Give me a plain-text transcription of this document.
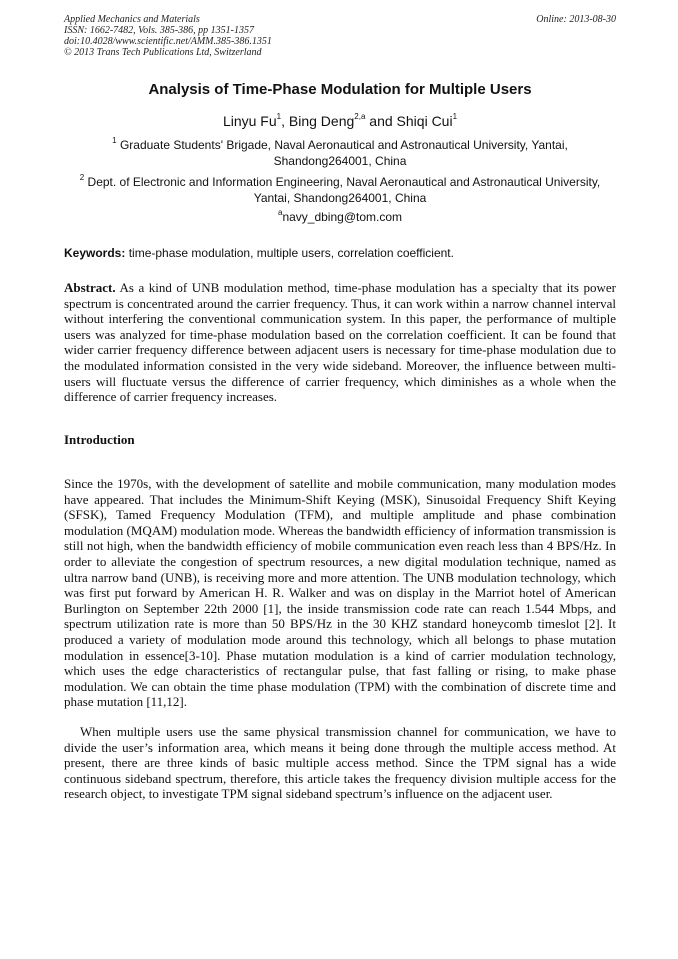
Applied Mechanics and Materials
ISSN: 1662-7482, Vols. 385-386, pp 1351-1357
doi:10.4028/www.scientific.net/AMM.385-386.1351
© 2013 Trans Tech Publications Ltd, Switzerland
Online: 2013-08-30
Analysis of Time-Phase Modulation for Multiple Users
Linyu Fu$^1$, Bing Deng$^{2,a}$ and Shiqi Cui$^1$
$^1$ Graduate Students' Brigade, Naval Aeronautical and Astronautical University, Yantai, Shandong264001, China
$^2$ Dept. of Electronic and Information Engineering, Naval Aeronautical and Astronautical University, Yantai, Shandong264001, China
$^a$navy_dbing@tom.com
Keywords: time-phase modulation, multiple users, correlation coefficient.

Abstract. As a kind of UNB modulation method, time-phase modulation has a specialty that its power spectrum is concentrated around the carrier frequency. Thus, it can work within a narrow channel interval without interfering the conventional communication system. In this paper, the performance of multiple users was analyzed for time-phase modulation based on the correlation coefficient. It can be found that wider carrier frequency difference between adjacent users is necessary for time-phase modulation due to the modulated information consisted in the very wide sideband. Moreover, the influence between multi-users will fluctuate versus the difference of carrier frequency, which diminishes as a whole when the difference of carrier frequency increases.

Introduction

Since the 1970s, with the development of satellite and mobile communication, many modulation modes have appeared. That includes the Minimum-Shift Keying (MSK), Sinusoidal Frequency Shift Keying (SFSK), Tamed Frequency Modulation (TFM), and multiple amplitude and phase combination modulation (MQAM) modulation mode. Whereas the bandwidth efficiency of information transmission is still not high, when the bandwidth efficiency of mobile communication even reach less than 4 BPS/Hz. In order to alleviate the congestion of spectrum resources, a new digital modulation technique, named as ultra narrow band (UNB), is receiving more and more attention. The UNB modulation technology, which was first put forward by American H. R. Walker and was on display in the Marriot hotel of American Burlington on September 22th 2000 [1], the inside transmission code rate can reach 1.544 Mbps, and spectrum utilization rate is more than 50 BPS/Hz in the 30 KHZ standard honeycomb timeslot [2]. It produced a variety of modulation mode around this technology, which all belongs to phase mutation modulation in essence[3-10]. Phase mutation modulation is a kind of carrier modulation technology, which uses the edge characteristics of rectangular pulse, that fast falling or rising, to make phase modulation. We can obtain the time phase modulation (TPM) with the combination of discrete time and phase mutation [11,12].

When multiple users use the same physical transmission channel for communication, we have to divide the user’s information area, which means it being done through the multiple access method. At present, there are three kinds of basic multiple access method. Since the TPM signal has a wide continuous sideband spectrum, therefore, this article takes the frequency division multiple access for the research object, to investigate TPM signal sideband spectrum’s influence on the adjacent user.
